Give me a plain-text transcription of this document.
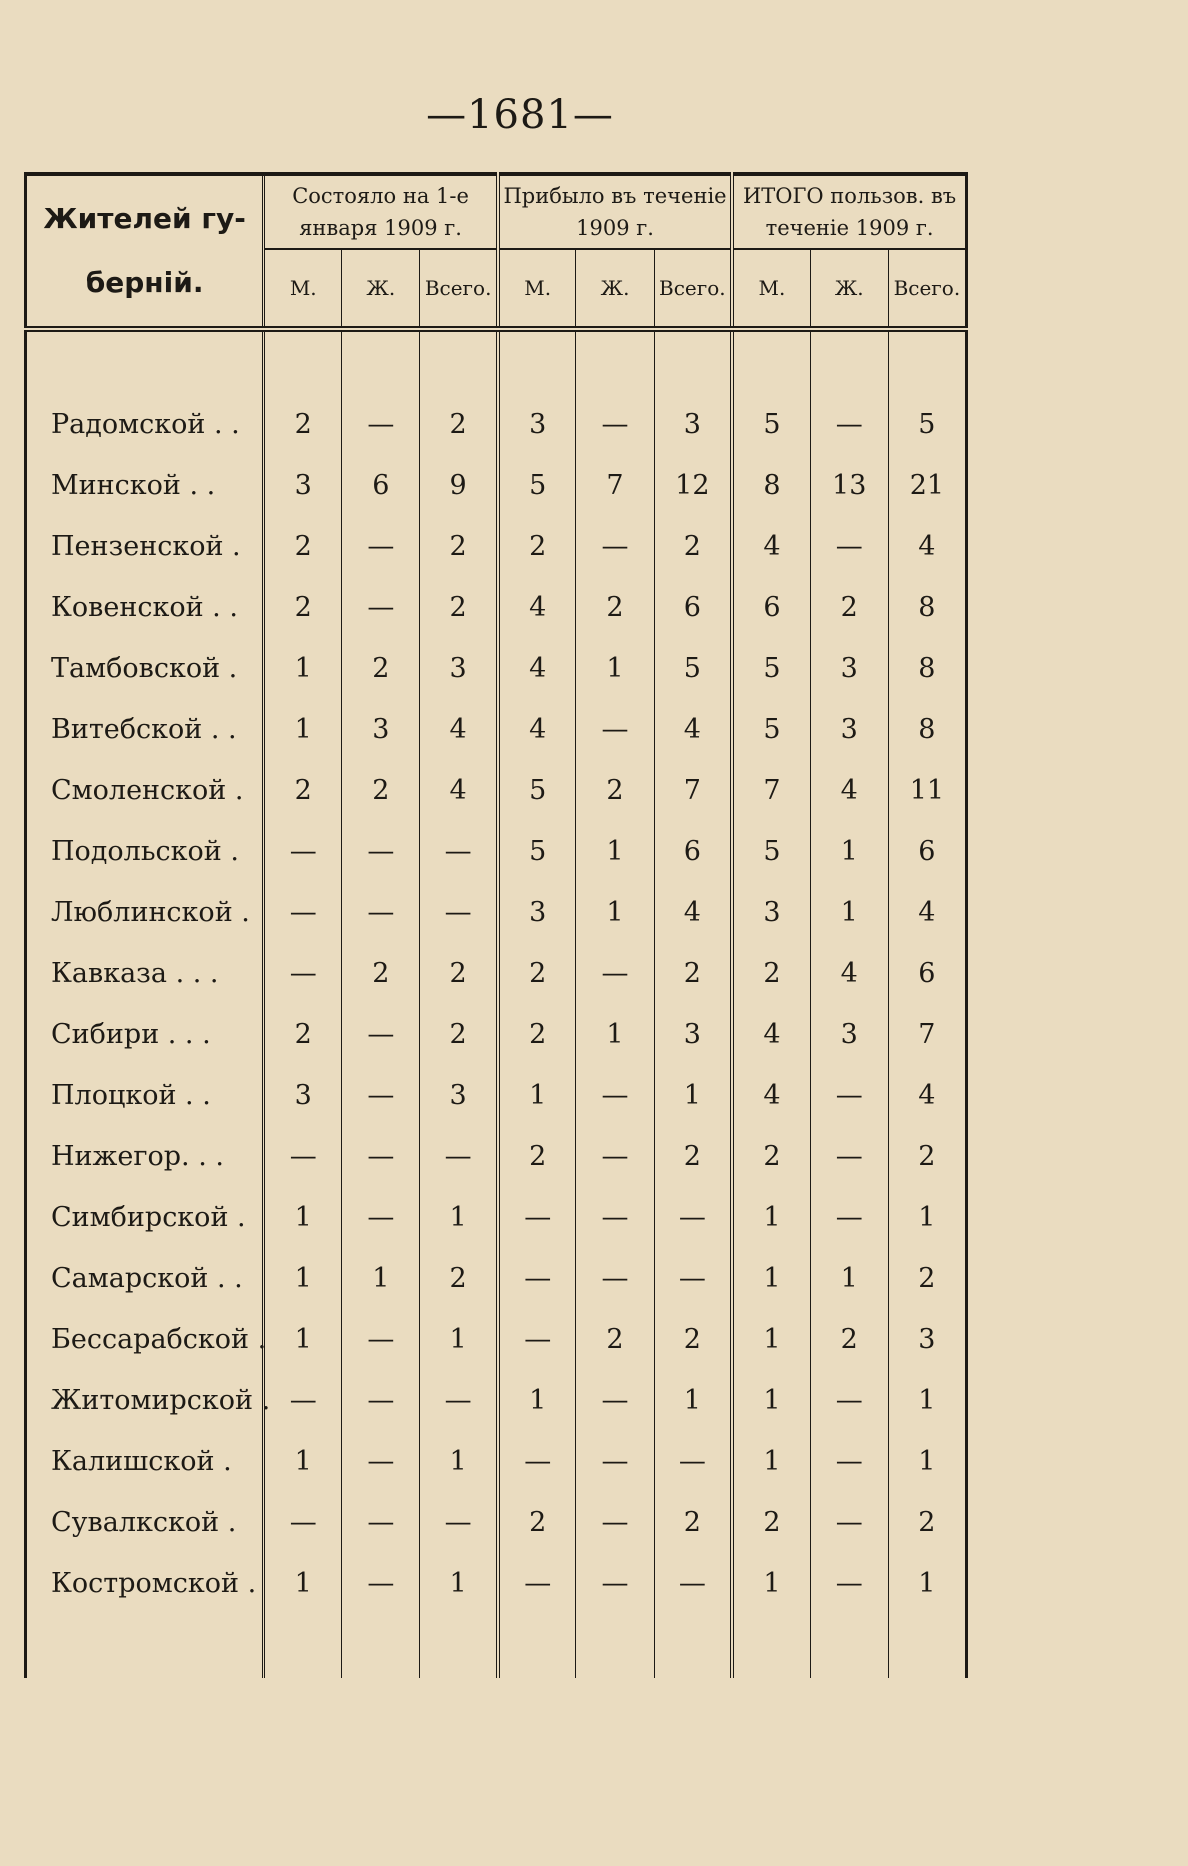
—1681—
Жителей гу- берній.	Состояло на 1-е января 1909 г.			Прибыло въ теченіе 1909 г.			ИТОГО пользов. въ теченіе 1909 г.		
	М.	Ж.	Всего.	М.	Ж.	Всего.	М.	Ж.	Всего.

Радомской . .	2	—	2	3	—	3	5	—	5
Минской . .	3	6	9	5	7	12	8	13	21
Пензенской .	2	—	2	2	—	2	4	—	4
Ковенской . .	2	—	2	4	2	6	6	2	8
Тамбовской .	1	2	3	4	1	5	5	3	8
Витебской . .	1	3	4	4	—	4	5	3	8
Смоленской .	2	2	4	5	2	7	7	4	11
Подольской .	—	—	—	5	1	6	5	1	6
Люблинской .	—	—	—	3	1	4	3	1	4
Кавказа . . .	—	2	2	2	—	2	2	4	6
Сибири . . .	2	—	2	2	1	3	4	3	7
Плоцкой . .	3	—	3	1	—	1	4	—	4
Нижегор. . .	—	—	—	2	—	2	2	—	2
Симбирской .	1	—	1	—	—	—	1	—	1
Самарской . .	1	1	2	—	—	—	1	1	2
Бессарабской .	1	—	1	—	2	2	1	2	3
Житомирской .	—	—	—	1	—	1	1	—	1
Калишской .	1	—	1	—	—	—	1	—	1
Сувалкской .	—	—	—	2	—	2	2	—	2
Костромской .	1	—	1	—	—	—	1	—	1
